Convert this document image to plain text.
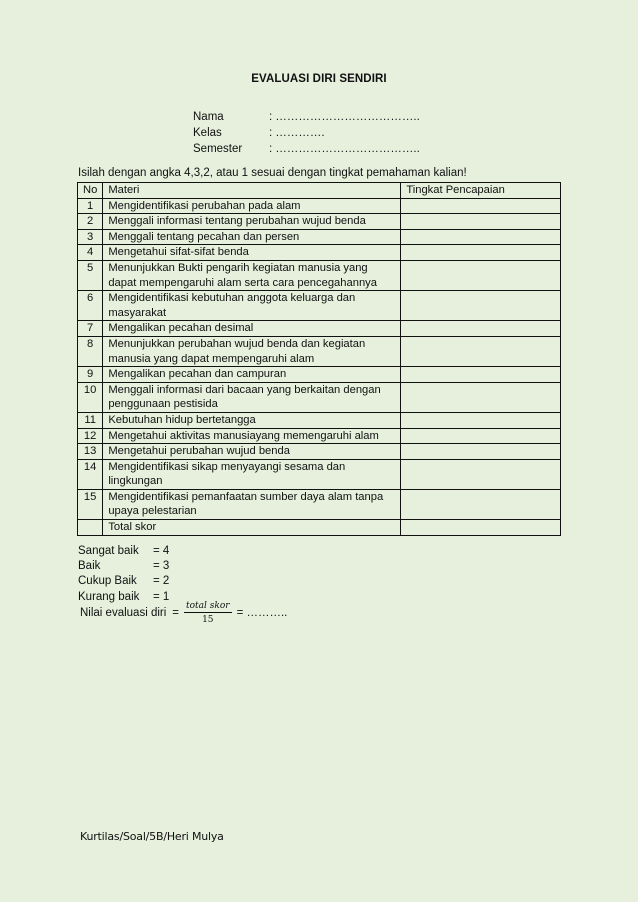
EVALUASI DIRI SENDIRI
Nama	: ………………………………..
Kelas	: ………….
Semester	: ………………………………..
Isilah dengan angka 4,3,2, atau 1 sesuai dengan tingkat pemahaman kalian!
No	Materi	Tingkat Pencapaian
1	Mengidentifikasi perubahan pada alam	
2	Menggali informasi tentang perubahan wujud benda	
3	Menggali tentang pecahan dan persen	
4	Mengetahui sifat-sifat benda	
5	Menunjukkan Bukti pengarih kegiatan manusia yang dapat mempengaruhi alam serta cara pencegahannya	
6	Mengidentifikasi kebutuhan anggota keluarga dan masyarakat	
7	Mengalikan pecahan desimal	
8	Menunjukkan perubahan wujud benda dan kegiatan manusia yang dapat mempengaruhi alam	
9	Mengalikan pecahan dan campuran	
10	Menggali informasi dari bacaan yang berkaitan dengan penggunaan pestisida	
11	Kebutuhan hidup bertetangga	
12	Mengetahui aktivitas manusiayang memengaruhi alam	
13	Mengetahui perubahan wujud benda	
14	Mengidentifikasi sikap menyayangi sesama dan lingkungan	
15	Mengidentifikasi pemanfaatan sumber daya alam tanpa upaya pelestarian	
	Total skor	
Sangat baik	= 4
Baik	= 3
Cukup Baik	= 2
Kurang baik	= 1
Nilai evaluasi diri = $\frac{\text{total skor}}{15}$ = ………..
Kurtilas/Soal/5B/Heri Mulya
